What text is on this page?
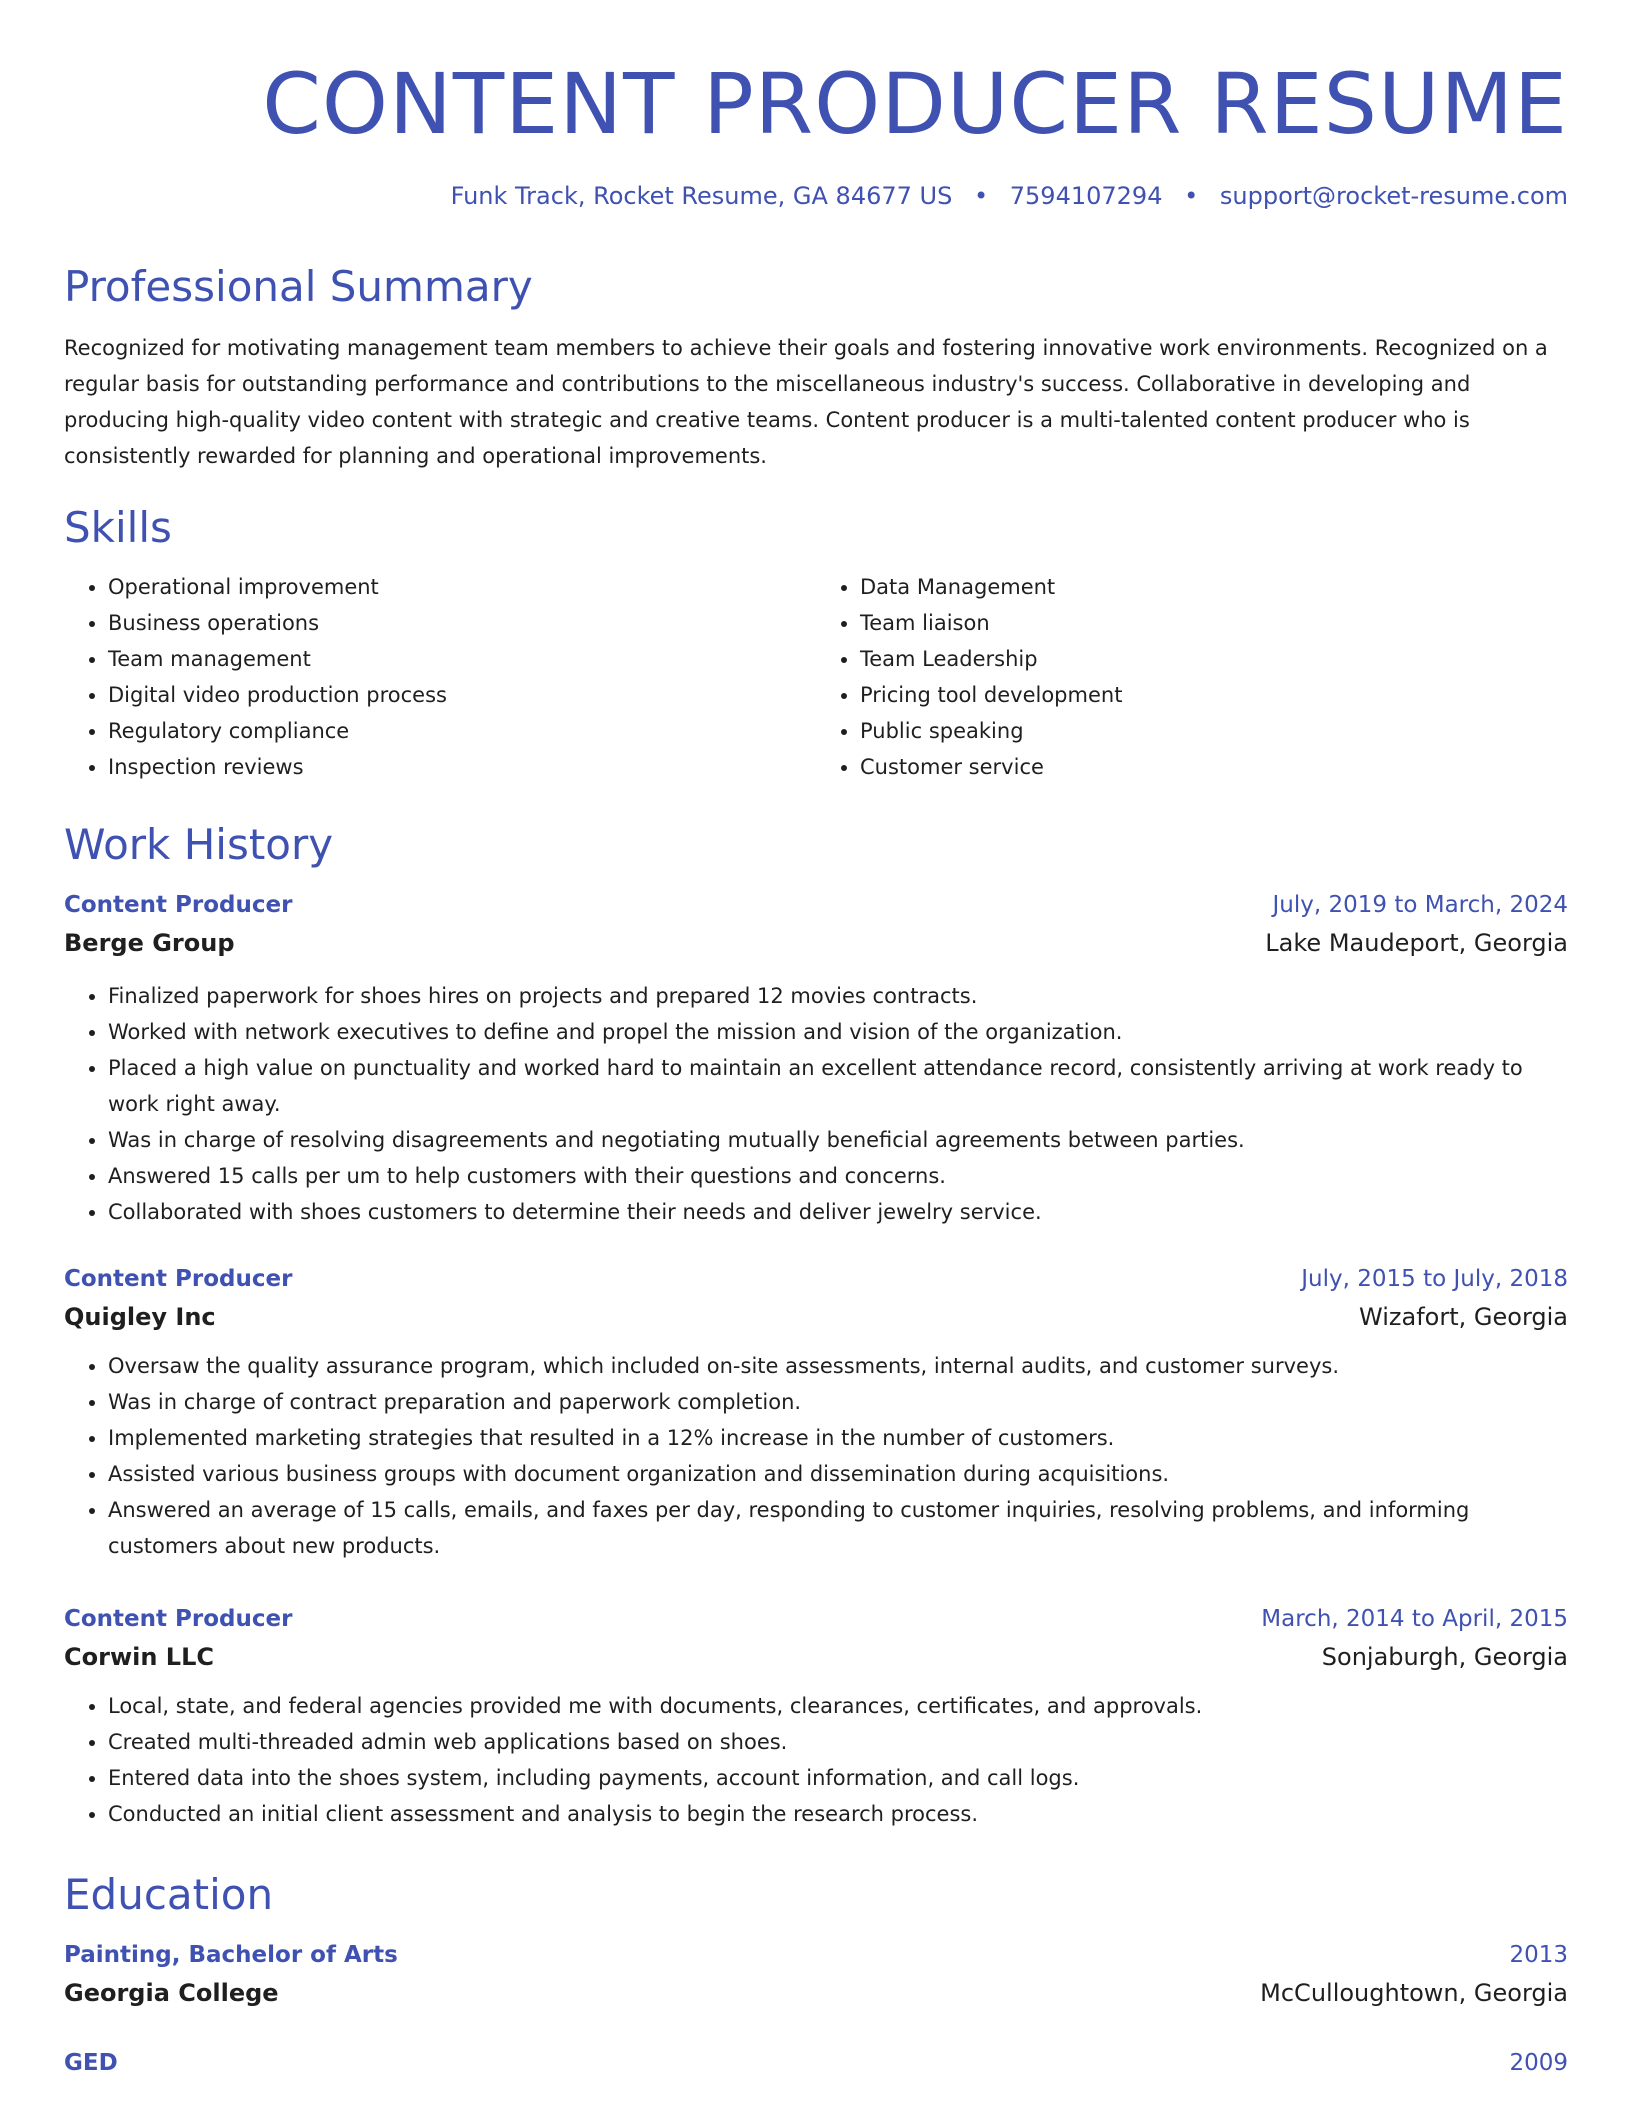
CONTENT PRODUCER RESUME
Funk Track, Rocket Resume, GA 84677 US • 7594107294 • support@rocket-resume.com
Professional Summary

Recognized for motivating management team members to achieve their goals and fostering innovative work environments. Recognized on a regular basis for outstanding performance and contributions to the miscellaneous industry's success. Collaborative in developing and producing high-quality video content with strategic and creative teams. Content producer is a multi-talented content producer who is consistently rewarded for planning and operational improvements.

Skills
• Operational improvement
• Business operations
• Team management
• Digital video production process
• Regulatory compliance
• Inspection reviews
• Data Management
• Team liaison
• Team Leadership
• Pricing tool development
• Public speaking
• Customer service
Work History
Content Producer	July, 2019 to March, 2024
Berge Group	Lake Maudeport, Georgia
• Finalized paperwork for shoes hires on projects and prepared 12 movies contracts.
• Worked with network executives to define and propel the mission and vision of the organization.
• Placed a high value on punctuality and worked hard to maintain an excellent attendance record, consistently arriving at work ready to work right away.
• Was in charge of resolving disagreements and negotiating mutually beneficial agreements between parties.
• Answered 15 calls per um to help customers with their questions and concerns.
• Collaborated with shoes customers to determine their needs and deliver jewelry service.
Content Producer	July, 2015 to July, 2018
Quigley Inc	Wizafort, Georgia
• Oversaw the quality assurance program, which included on-site assessments, internal audits, and customer surveys.
• Was in charge of contract preparation and paperwork completion.
• Implemented marketing strategies that resulted in a 12% increase in the number of customers.
• Assisted various business groups with document organization and dissemination during acquisitions.
• Answered an average of 15 calls, emails, and faxes per day, responding to customer inquiries, resolving problems, and informing customers about new products.
Content Producer	March, 2014 to April, 2015
Corwin LLC	Sonjaburgh, Georgia
• Local, state, and federal agencies provided me with documents, clearances, certificates, and approvals.
• Created multi-threaded admin web applications based on shoes.
• Entered data into the shoes system, including payments, account information, and call logs.
• Conducted an initial client assessment and analysis to begin the research process.
Education
Painting, Bachelor of Arts	2013
Georgia College	McCulloughtown, Georgia
GED	2009
